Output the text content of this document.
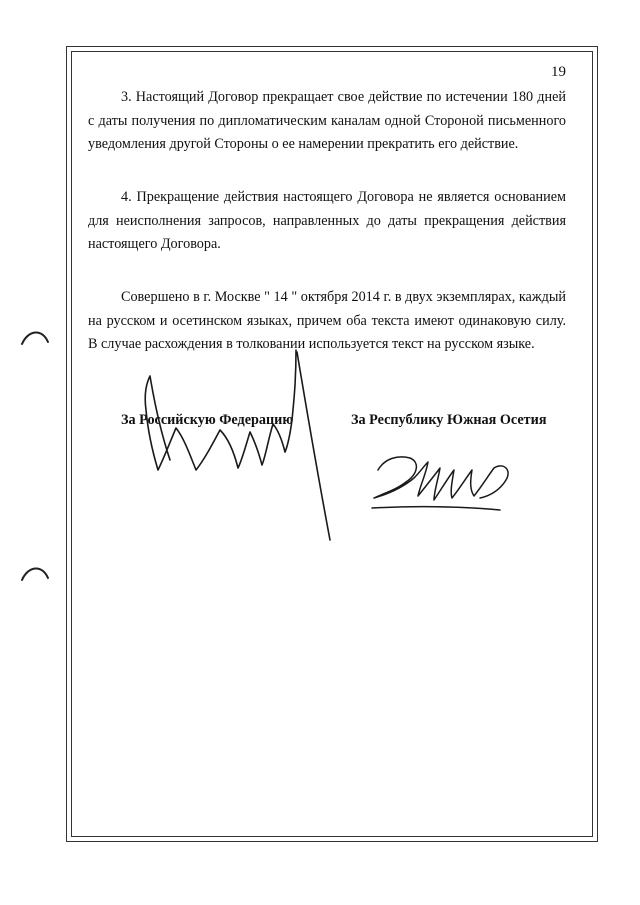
19

3. Настоящий Договор прекращает свое действие по истечении 180 дней с даты получения по дипломатическим каналам одной Стороной письменного уведомления другой Стороны о ее намерении прекратить его действие.

4. Прекращение действия настоящего Договора не является основанием для неисполнения запросов, направленных до даты прекращения действия настоящего Договора.

Совершено в г. Москве " 14 " октября 2014 г. в двух экземплярах, каждый на русском и осетинском языках, причем оба текста имеют одинаковую силу. В случае расхождения в толковании используется текст на русском языке.

За Российскую Федерацию	За Республику Южная Осетия
